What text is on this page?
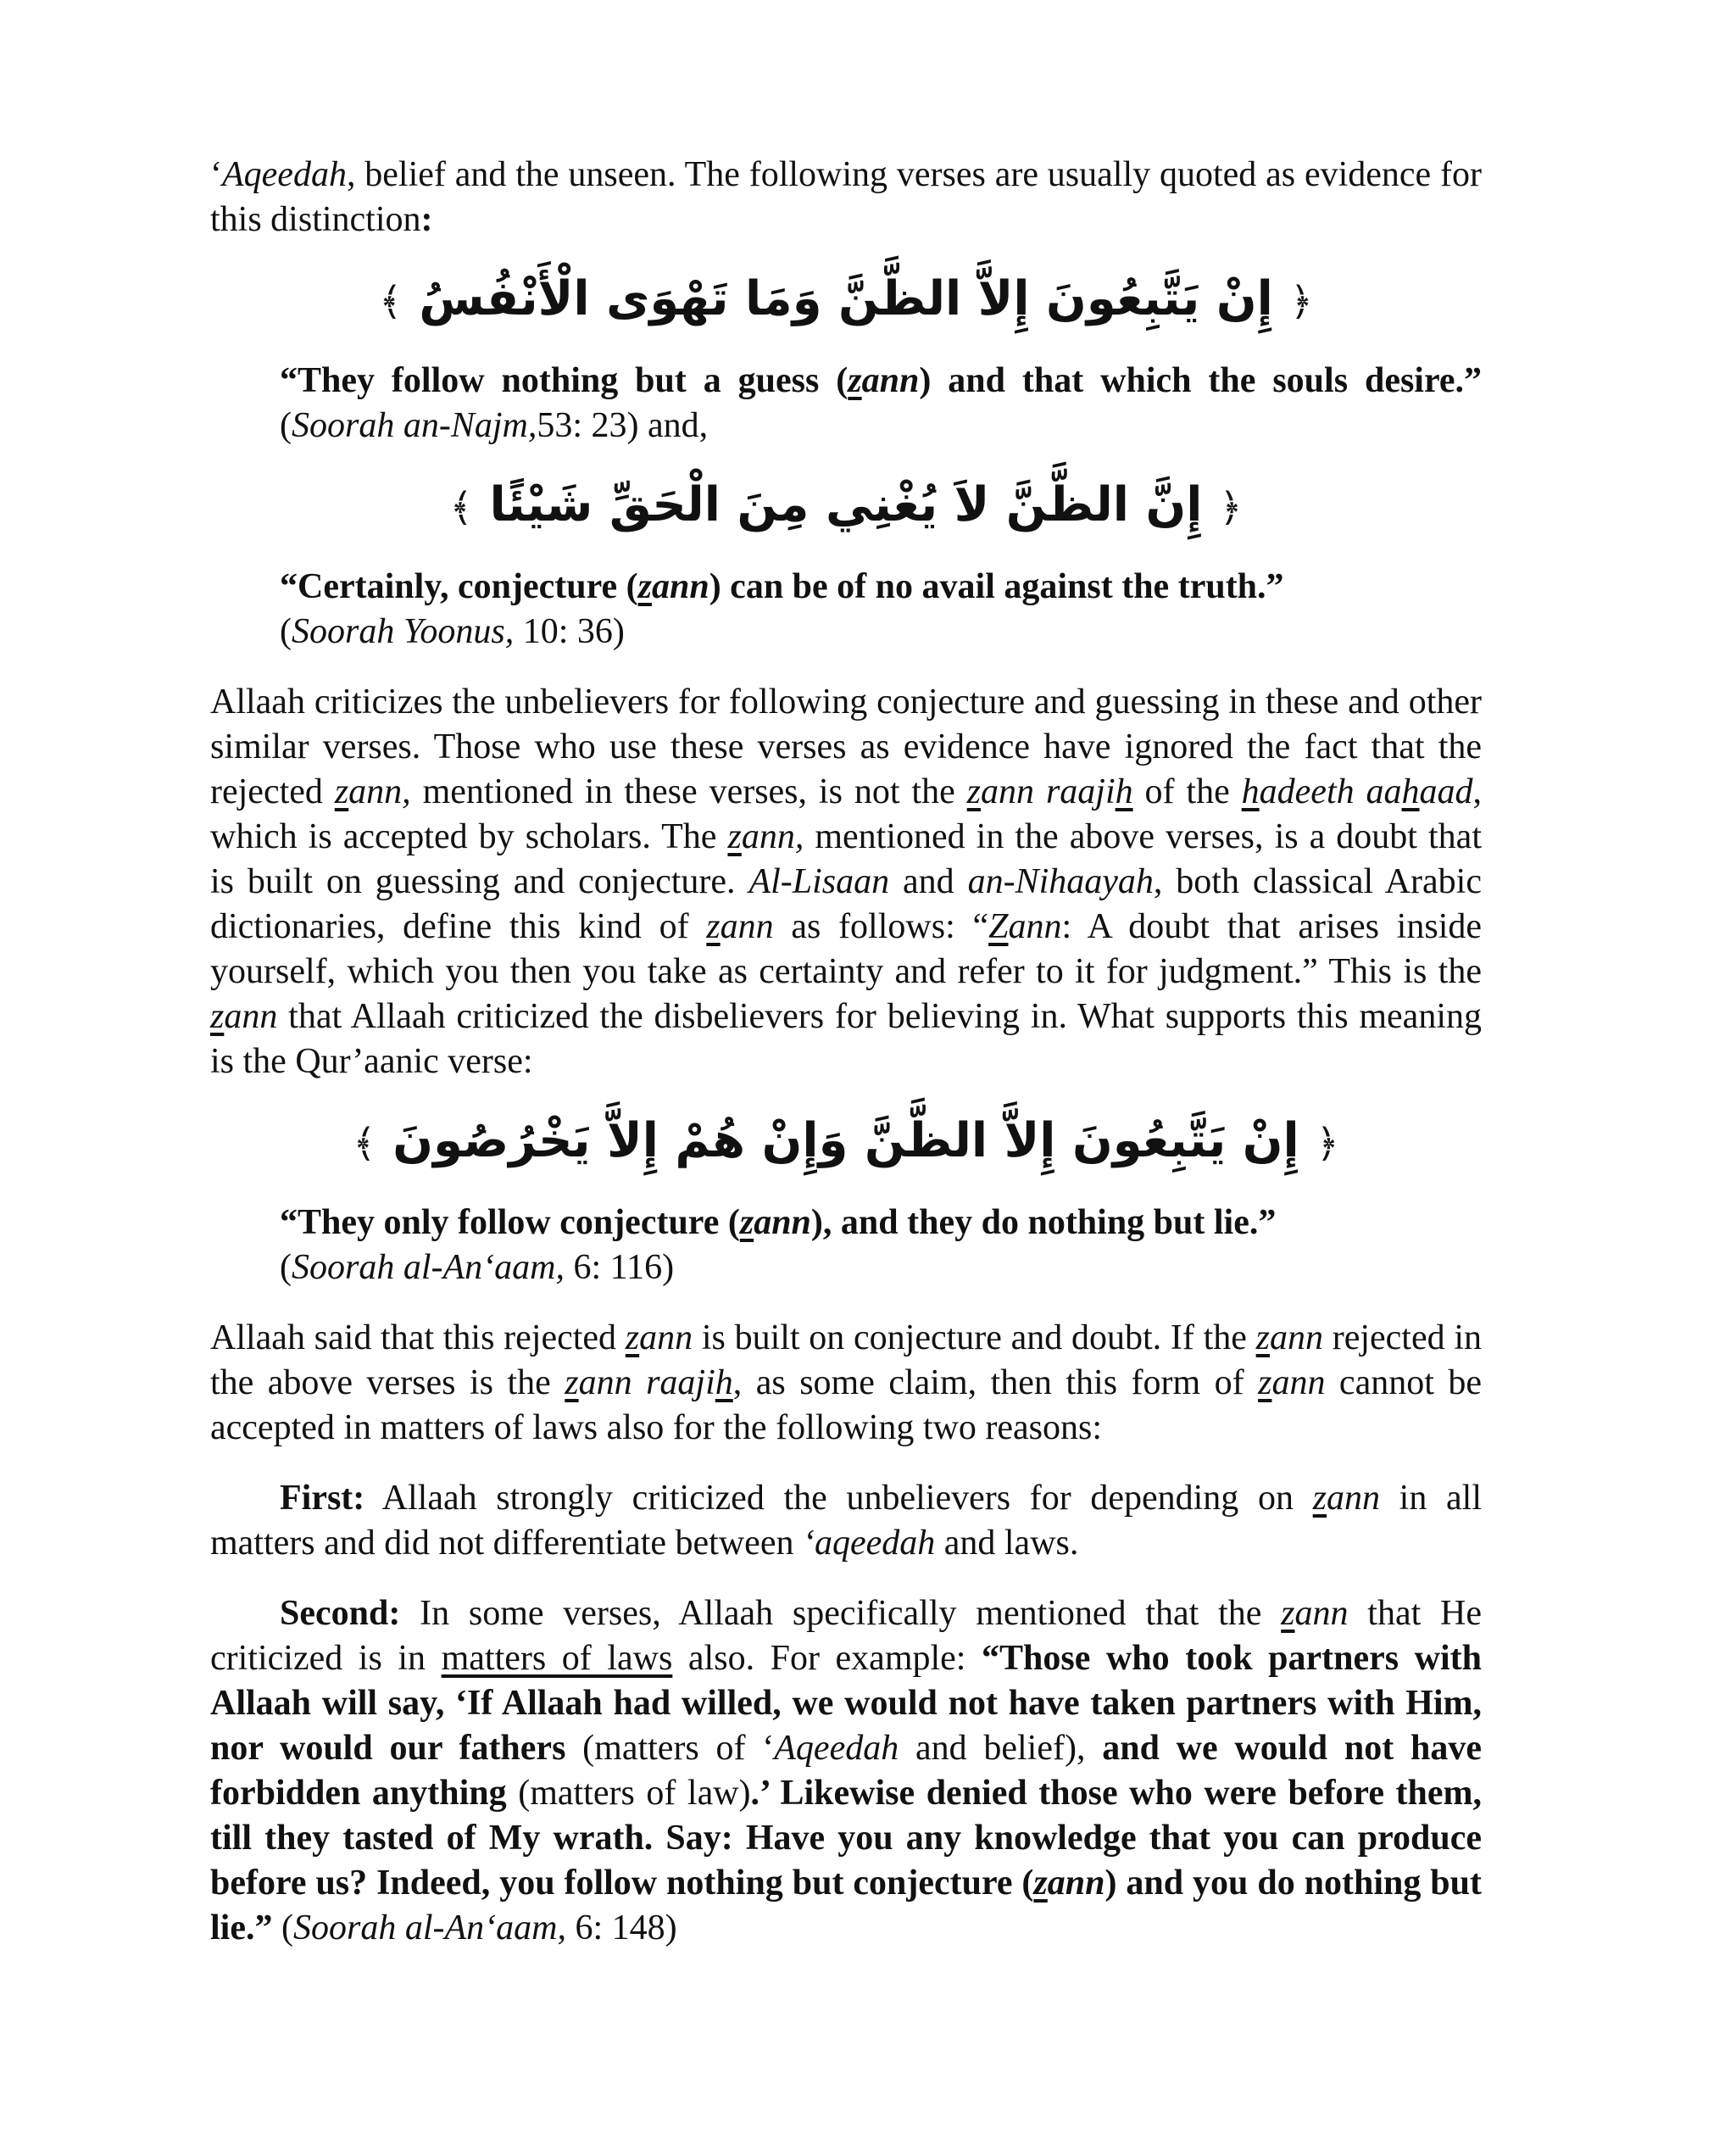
‘Aqeedah, belief and the unseen. The following verses are usually quoted as evidence for this distinction:

﴿إِنْ يَتَّبِعُونَ إِلاَّ الظَّنَّ وَمَا تَهْوَى الْأَنْفُسُ﴾

“They follow nothing but a guess (zann) and that which the souls desire.” (Soorah an-Najm,53: 23) and,

﴿إِنَّ الظَّنَّ لاَ يُغْنِي مِنَ الْحَقِّ شَيْئًا﴾

“Certainly, conjecture (zann) can be of no avail against the truth.”
(Soorah Yoonus, 10: 36)

Allaah criticizes the unbelievers for following conjecture and guessing in these and other similar verses. Those who use these verses as evidence have ignored the fact that the rejected zann, mentioned in these verses, is not the zann raajih of the hadeeth aahaad, which is accepted by scholars. The zann, mentioned in the above verses, is a doubt that is built on guessing and conjecture. Al-Lisaan and an-Nihaayah, both classical Arabic dictionaries, define this kind of zann as follows: “Zann: A doubt that arises inside yourself, which you then you take as certainty and refer to it for judgment.” This is the zann that Allaah criticized the disbelievers for believing in. What supports this meaning is the Qur’aanic verse:

﴿إِنْ يَتَّبِعُونَ إِلاَّ الظَّنَّ وَإِنْ هُمْ إِلاَّ يَخْرُصُونَ﴾

“They only follow conjecture (zann), and they do nothing but lie.”
(Soorah al-An‘aam, 6: 116)

Allaah said that this rejected zann is built on conjecture and doubt. If the zann rejected in the above verses is the zann raajih, as some claim, then this form of zann cannot be accepted in matters of laws also for the following two reasons:

First: Allaah strongly criticized the unbelievers for depending on zann in all matters and did not differentiate between ‘aqeedah and laws.

Second: In some verses, Allaah specifically mentioned that the zann that He criticized is in matters of laws also. For example: “Those who took partners with Allaah will say, ‘If Allaah had willed, we would not have taken partners with Him, nor would our fathers (matters of ‘Aqeedah and belief), and we would not have forbidden anything (matters of law).’ Likewise denied those who were before them, till they tasted of My wrath. Say: Have you any knowledge that you can produce before us? Indeed, you follow nothing but conjecture (zann) and you do nothing but lie.” (Soorah al-An‘aam, 6: 148)
